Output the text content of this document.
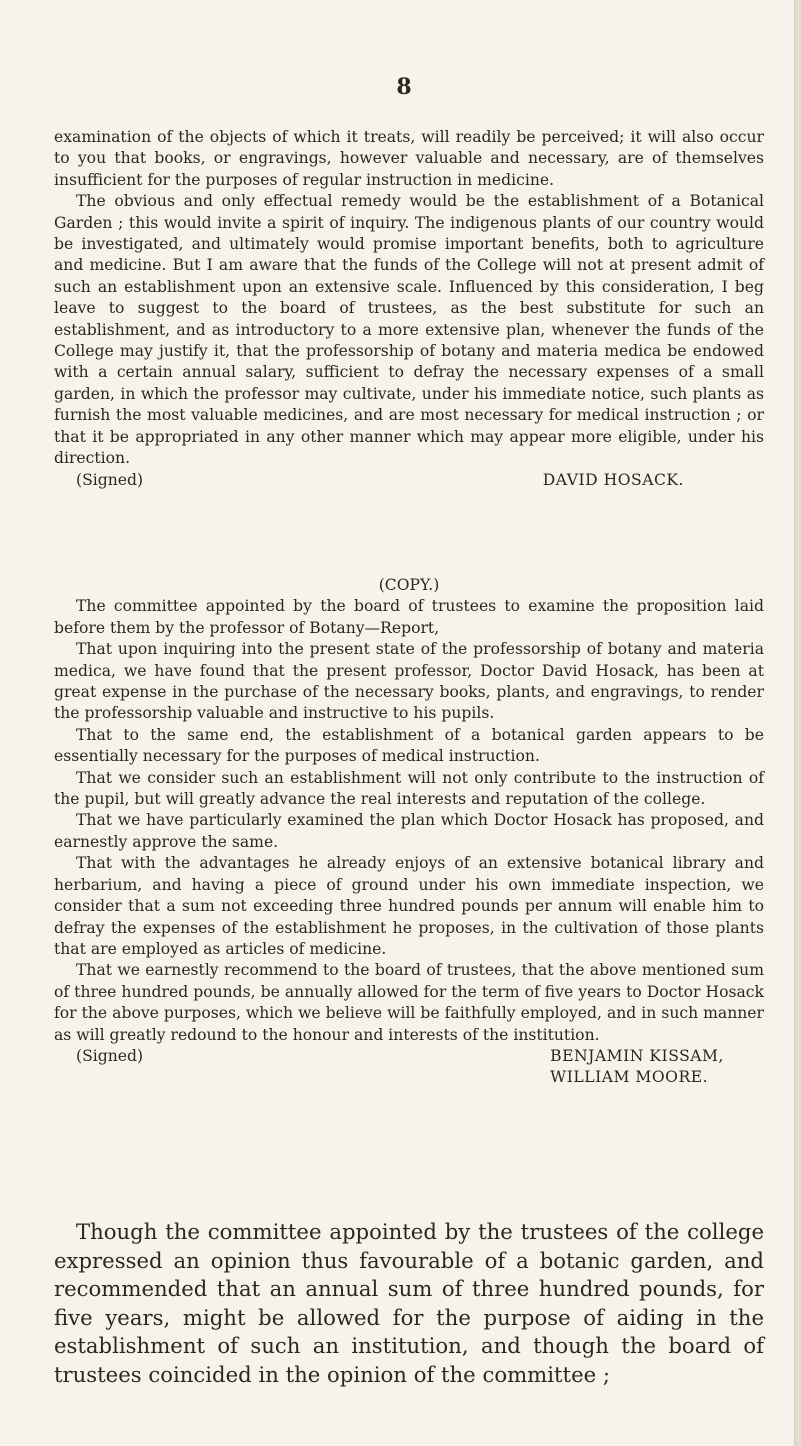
8

examination of the objects of which it treats, will readily be perceived; it will also occur to you that books, or engravings, however valuable and necessary, are of themselves insufficient for the purposes of regular instruction in medicine.

The obvious and only effectual remedy would be the establishment of a Botanical Garden ; this would invite a spirit of inquiry. The indigenous plants of our country would be investigated, and ultimately would promise important benefits, both to agriculture and medicine. But I am aware that the funds of the College will not at present admit of such an establishment upon an extensive scale. Influenced by this consideration, I beg leave to suggest to the board of trustees, as the best substitute for such an establishment, and as introductory to a more extensive plan, whenever the funds of the College may justify it, that the professorship of botany and materia medica be endowed with a certain annual salary, sufficient to defray the necessary expenses of a small garden, in which the professor may cultivate, under his immediate notice, such plants as furnish the most valuable medicines, and are most necessary for medical instruction ; or that it be appropriated in any other manner which may appear more eligible, under his direction.

(Signed)	DAVID HOSACK.
(COPY.)

The committee appointed by the board of trustees to examine the proposition laid before them by the professor of Botany—Report,

That upon inquiring into the present state of the professorship of botany and materia medica, we have found that the present professor, Doctor David Hosack, has been at great expense in the purchase of the necessary books, plants, and engravings, to render the professorship valuable and instructive to his pupils.

That to the same end, the establishment of a botanical garden appears to be essentially necessary for the purposes of medical instruction.

That we consider such an establishment will not only contribute to the instruction of the pupil, but will greatly advance the real interests and reputation of the college.

That we have particularly examined the plan which Doctor Hosack has proposed, and earnestly approve the same.

That with the advantages he already enjoys of an extensive botanical library and herbarium, and having a piece of ground under his own immediate inspection, we consider that a sum not exceeding three hundred pounds per annum will enable him to defray the expenses of the establishment he proposes, in the cultivation of those plants that are employed as articles of medicine.

That we earnestly recommend to the board of trustees, that the above mentioned sum of three hundred pounds, be annually allowed for the term of five years to Doctor Hosack for the above purposes, which we believe will be faithfully employed, and in such manner as will greatly redound to the honour and interests of the institution.

(Signed)	BENJAMIN KISSAM,
WILLIAM MOORE.

Though the committee appointed by the trustees of the college expressed an opinion thus favourable of a botanic garden, and recommended that an annual sum of three hundred pounds, for five years, might be allowed for the purpose of aiding in the establishment of such an institution, and though the board of trustees coincided in the opinion of the committee ;
